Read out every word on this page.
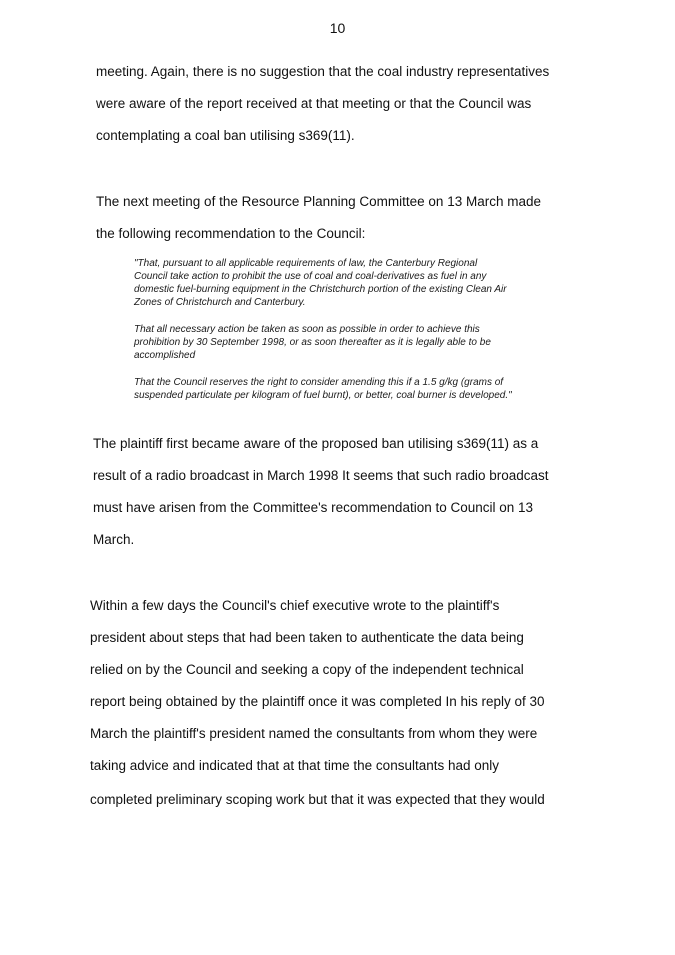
10
meeting. Again, there is no suggestion that the coal industry representatives
were aware of the report received at that meeting or that the Council was
contemplating a coal ban utilising s369(11).
The next meeting of the Resource Planning Committee on 13 March made
the following recommendation to the Council:
"That, pursuant to all applicable requirements of law, the Canterbury Regional
Council take action to prohibit the use of coal and coal-derivatives as fuel in any
domestic fuel-burning equipment in the Christchurch portion of the existing Clean Air
Zones of Christchurch and Canterbury.
That all necessary action be taken as soon as possible in order to achieve this
prohibition by 30 September 1998, or as soon thereafter as it is legally able to be
accomplished
That the Council reserves the right to consider amending this if a 1.5 g/kg (grams of
suspended particulate per kilogram of fuel burnt), or better, coal burner is developed."
The plaintiff first became aware of the proposed ban utilising s369(11) as a
result of a radio broadcast in March 1998 It seems that such radio broadcast
must have arisen from the Committee's recommendation to Council on 13
March.
Within a few days the Council's chief executive wrote to the plaintiff's
president about steps that had been taken to authenticate the data being
relied on by the Council and seeking a copy of the independent technical
report being obtained by the plaintiff once it was completed In his reply of 30
March the plaintiff's president named the consultants from whom they were
taking advice and indicated that at that time the consultants had only
completed preliminary scoping work but that it was expected that they would
